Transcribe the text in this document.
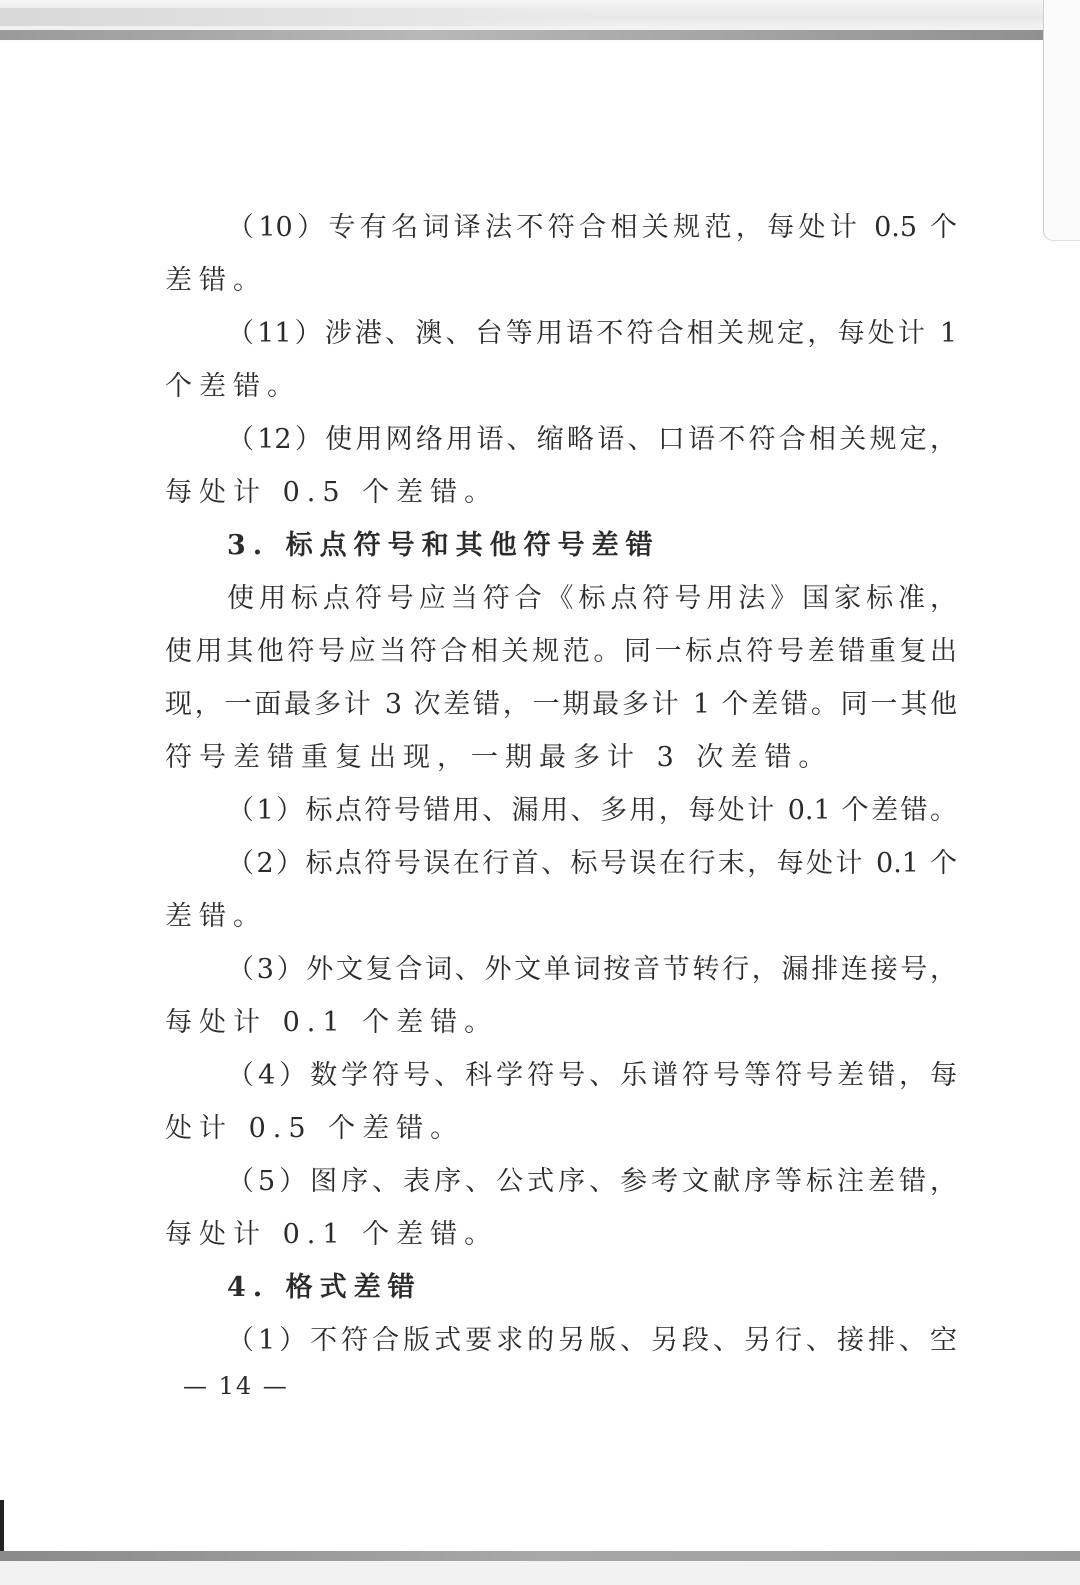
（10）专有名词译法不符合相关规范，每处计 0.5 个
差错。
（11）涉港、澳、台等用语不符合相关规定，每处计 1
个差错。
（12）使用网络用语、缩略语、口语不符合相关规定，
每处计 0.5 个差错。
3. 标点符号和其他符号差错
使用标点符号应当符合《标点符号用法》国家标准，
使用其他符号应当符合相关规范。同一标点符号差错重复出
现，一面最多计 3 次差错，一期最多计 1 个差错。同一其他
符号差错重复出现，一期最多计 3 次差错。
（1）标点符号错用、漏用、多用，每处计 0.1 个差错。
（2）标点符号误在行首、标号误在行末，每处计 0.1 个
差错。
（3）外文复合词、外文单词按音节转行，漏排连接号，
每处计 0.1 个差错。
（4）数学符号、科学符号、乐谱符号等符号差错，每
处计 0.5 个差错。
（5）图序、表序、公式序、参考文献序等标注差错，
每处计 0.1 个差错。
4. 格式差错
（1）不符合版式要求的另版、另段、另行、接排、空
— 14 —
